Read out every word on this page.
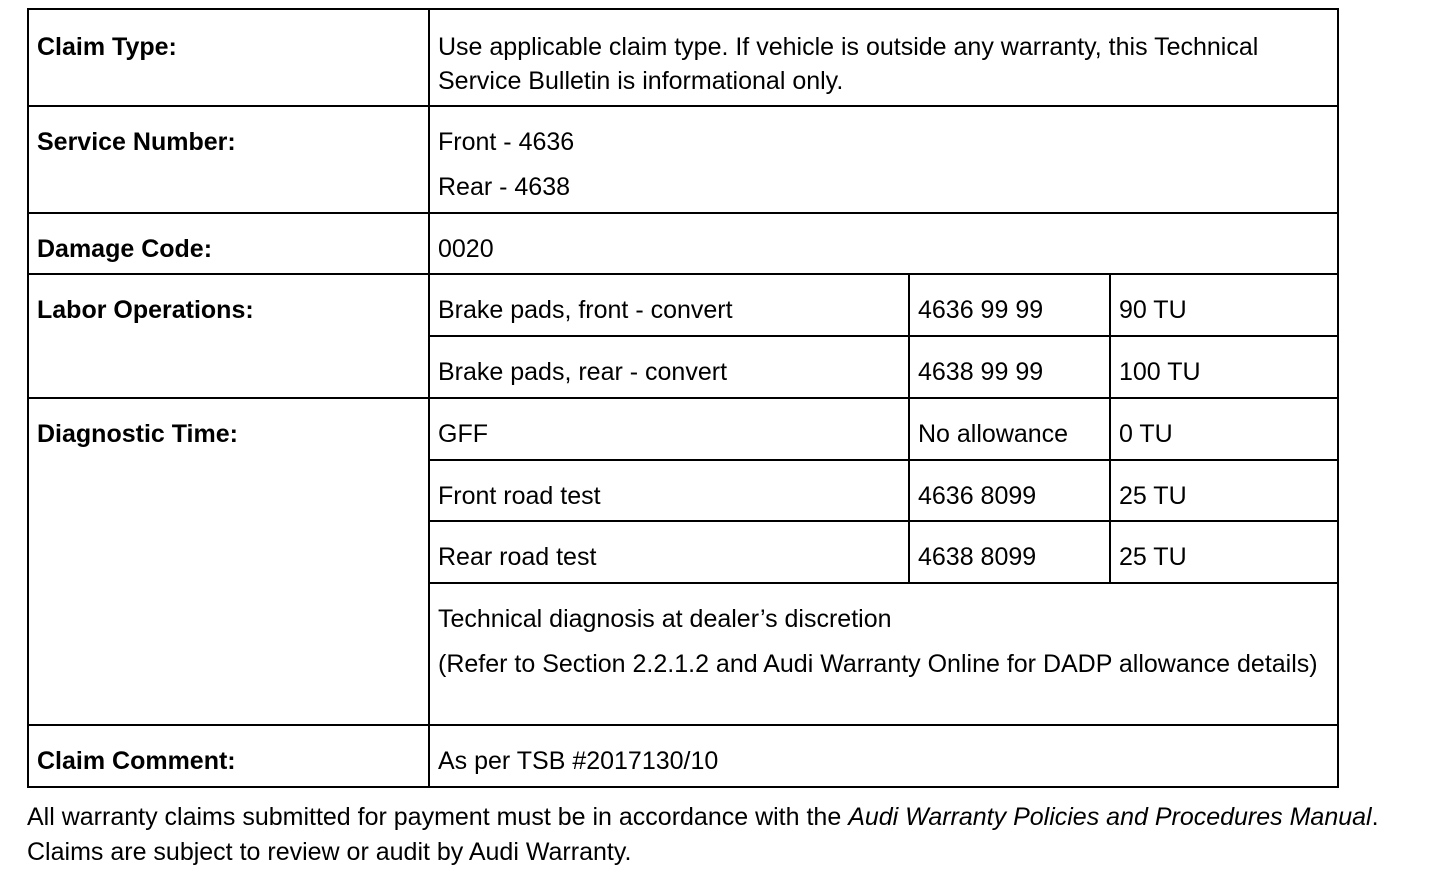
Claim Type:	Use applicable claim type. If vehicle is outside any warranty, this Technical Service Bulletin is informational only.		
Service Number:	Front - 4636
Rear - 4638		

Damage Code:	0020		
Labor Operations:	Brake pads, front - convert	4636 99 99	90 TU
	Brake pads, rear - convert	4638 99 99	100 TU
Diagnostic Time:	GFF	No allowance	0 TU
	Front road test	4636 8099	25 TU
	Rear road test	4638 8099	25 TU
	Technical diagnosis at dealer’s discretion
(Refer to Section 2.2.1.2 and Audi Warranty Online for DADP allowance details)		

Claim Comment:	As per TSB #2017130/10		

All warranty claims submitted for payment must be in accordance with the Audi Warranty Policies and Procedures Manual. Claims are subject to review or audit by Audi Warranty.
